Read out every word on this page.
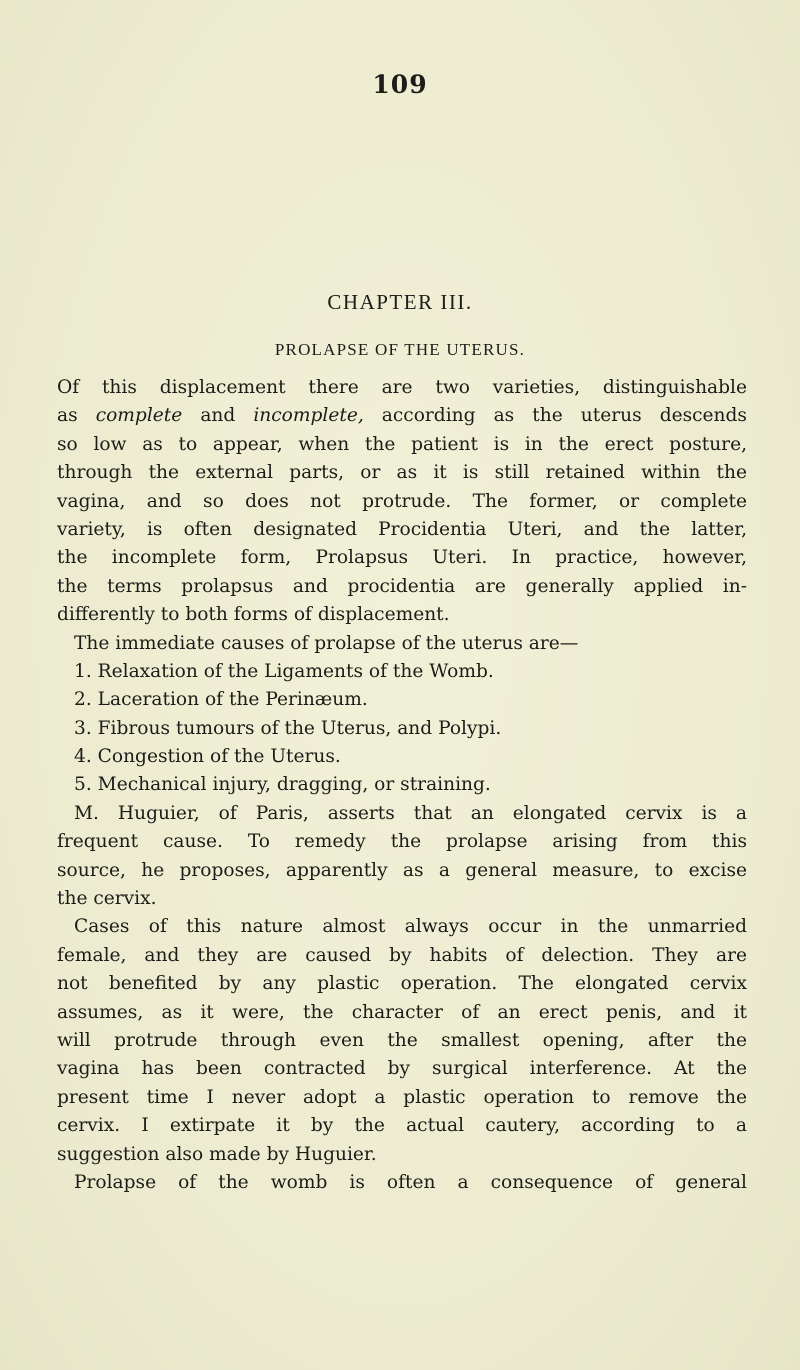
109
CHAPTER III.
PROLAPSE OF THE UTERUS.
Of this displacement there are two varieties, distinguishable
as complete and incomplete, according as the uterus descends
so low as to appear, when the patient is in the erect posture,
through the external parts, or as it is still retained within the
vagina, and so does not protrude. The former, or complete
variety, is often designated Procidentia Uteri, and the latter,
the incomplete form, Prolapsus Uteri. In practice, however,
the terms prolapsus and procidentia are generally applied in-
differently to both forms of displacement.
The immediate causes of prolapse of the uterus are—
1. Relaxation of the Ligaments of the Womb.
2. Laceration of the Perinæum.
3. Fibrous tumours of the Uterus, and Polypi.
4. Congestion of the Uterus.
5. Mechanical injury, dragging, or straining.
M. Huguier, of Paris, asserts that an elongated cervix is a
frequent cause. To remedy the prolapse arising from this
source, he proposes, apparently as a general measure, to excise
the cervix.
Cases of this nature almost always occur in the unmarried
female, and they are caused by habits of delection. They are
not benefited by any plastic operation. The elongated cervix
assumes, as it were, the character of an erect penis, and it
will protrude through even the smallest opening, after the
vagina has been contracted by surgical interference. At the
present time I never adopt a plastic operation to remove the
cervix. I extirpate it by the actual cautery, according to a
suggestion also made by Huguier.
Prolapse of the womb is often a consequence of general
